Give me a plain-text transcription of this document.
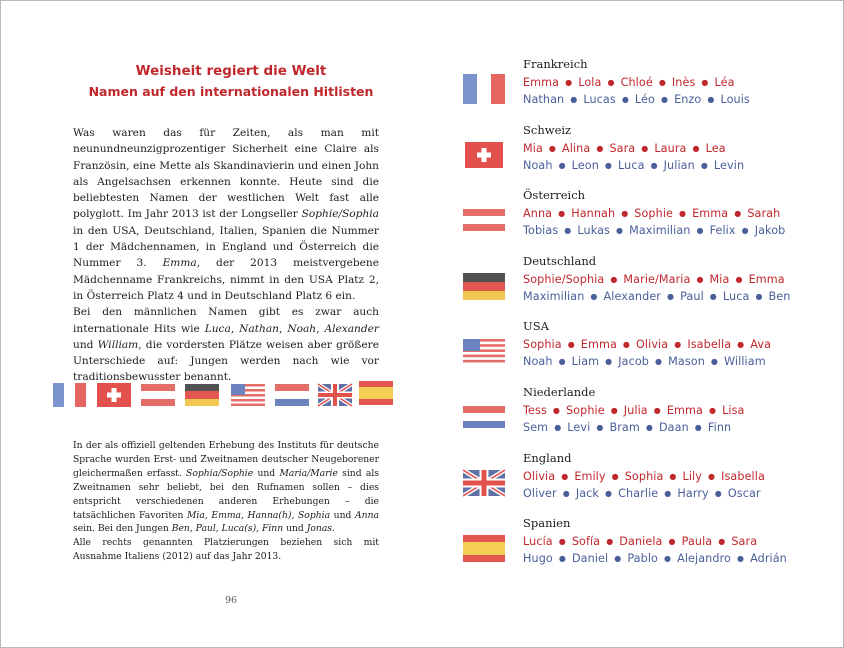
Weisheit regiert die Welt
Namen auf den internationalen Hitlisten

Was waren das für Zeiten, als man mit neunundneunzigprozentiger Sicherheit eine Claire als Französin, eine Mette als Skandinavierin und einen John als Angelsachsen erkennen konnte. Heute sind die beliebtesten Namen der westlichen Welt fast alle polyglott. Im Jahr 2013 ist der Longseller Sophie/Sophia in den USA, Deutschland, Italien, Spanien die Nummer 1 der Mädchennamen, in England und Österreich die Nummer 3. Emma, der 2013 meistvergebene Mädchenname Frankreichs, nimmt in den USA Platz 2, in Österreich Platz 4 und in Deutschland Platz 6 ein.

Bei den männlichen Namen gibt es zwar auch internationale Hits wie Luca, Nathan, Noah, Alexander und William, die vordersten Plätze weisen aber größere Unterschiede auf: Jungen werden nach wie vor traditionsbewusster benannt.

In der als offiziell geltenden Erhebung des Instituts für deutsche Sprache wurden Erst- und Zweitnamen deutscher Neugeborener gleichermaßen erfasst. Sophia/Sophie und Maria/Marie sind als Zweitnamen sehr beliebt, bei den Rufnamen sollen – dies entspricht verschiedenen anderen Erhebungen – die tatsächlichen Favoriten Mia, Emma, Hanna(h), Sophia und Anna sein. Bei den Jungen Ben, Paul, Luca(s), Finn und Jonas.

Alle rechts genannten Platzierungen beziehen sich mit Ausnahme Italiens (2012) auf das Jahr 2013.

96
Frankreich
Emma ● Lola ● Chloé ● Inès ● Léa
Nathan ● Lucas ● Léo ● Enzo ● Louis
Schweiz
Mia ● Alina ● Sara ● Laura ● Lea
Noah ● Leon ● Luca ● Julian ● Levin
Österreich
Anna ● Hannah ● Sophie ● Emma ● Sarah
Tobias ● Lukas ● Maximilian ● Felix ● Jakob
Deutschland
Sophie/Sophia ● Marie/Maria ● Mia ● Emma
Maximilian ● Alexander ● Paul ● Luca ● Ben
USA
Sophia ● Emma ● Olivia ● Isabella ● Ava
Noah ● Liam ● Jacob ● Mason ● William
Niederlande
Tess ● Sophie ● Julia ● Emma ● Lisa
Sem ● Levi ● Bram ● Daan ● Finn
England
Olivia ● Emily ● Sophia ● Lily ● Isabella
Oliver ● Jack ● Charlie ● Harry ● Oscar
Spanien
Lucía ● Sofía ● Daniela ● Paula ● Sara
Hugo ● Daniel ● Pablo ● Alejandro ● Adrián
